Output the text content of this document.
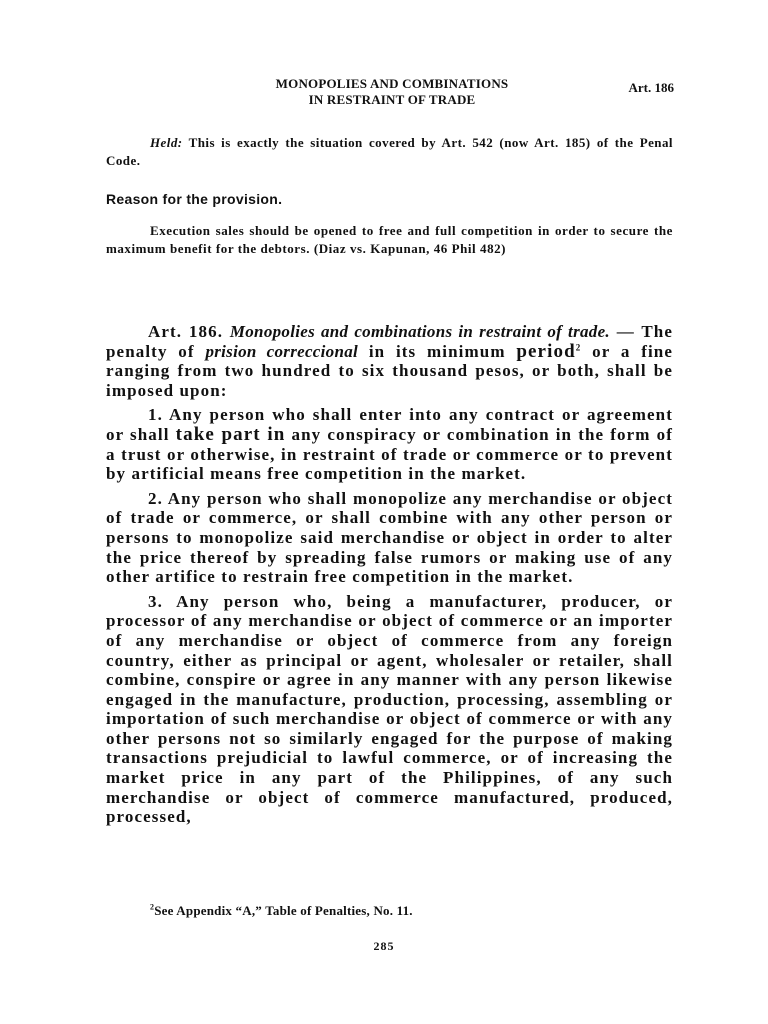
MONOPOLIES AND COMBINATIONS
IN RESTRAINT OF TRADE
Art. 186
Held: This is exactly the situation covered by Art. 542 (now Art. 185) of the Penal Code.
Reason for the provision.
Execution sales should be opened to free and full competition in order to secure the maximum benefit for the debtors. (Diaz vs. Kapunan, 46 Phil 482)

Art. 186. Monopolies and combinations in restraint of trade. — The penalty of prision correccional in its minimum period$^2$ or a fine ranging from two hundred to six thousand pesos, or both, shall be imposed upon:

1. Any person who shall enter into any contract or agreement or shall take part in any conspiracy or combination in the form of a trust or otherwise, in restraint of trade or commerce or to prevent by artificial means free competition in the market.

2. Any person who shall monopolize any merchandise or object of trade or commerce, or shall combine with any other person or persons to monopolize said merchandise or object in order to alter the price thereof by spreading false rumors or making use of any other artifice to restrain free competition in the market.

3. Any person who, being a manufacturer, producer, or processor of any merchandise or object of commerce or an importer of any merchandise or object of commerce from any foreign country, either as principal or agent, wholesaler or retailer, shall combine, conspire or agree in any manner with any person likewise engaged in the manufacture, production, processing, assembling or importation of such merchandise or object of commerce or with any other persons not so similarly engaged for the purpose of making transactions prejudicial to lawful commerce, or of increasing the market price in any part of the Philippines, of any such merchandise or object of commerce manufactured, produced, processed,

$^2$See Appendix “A,” Table of Penalties, No. 11.
285
